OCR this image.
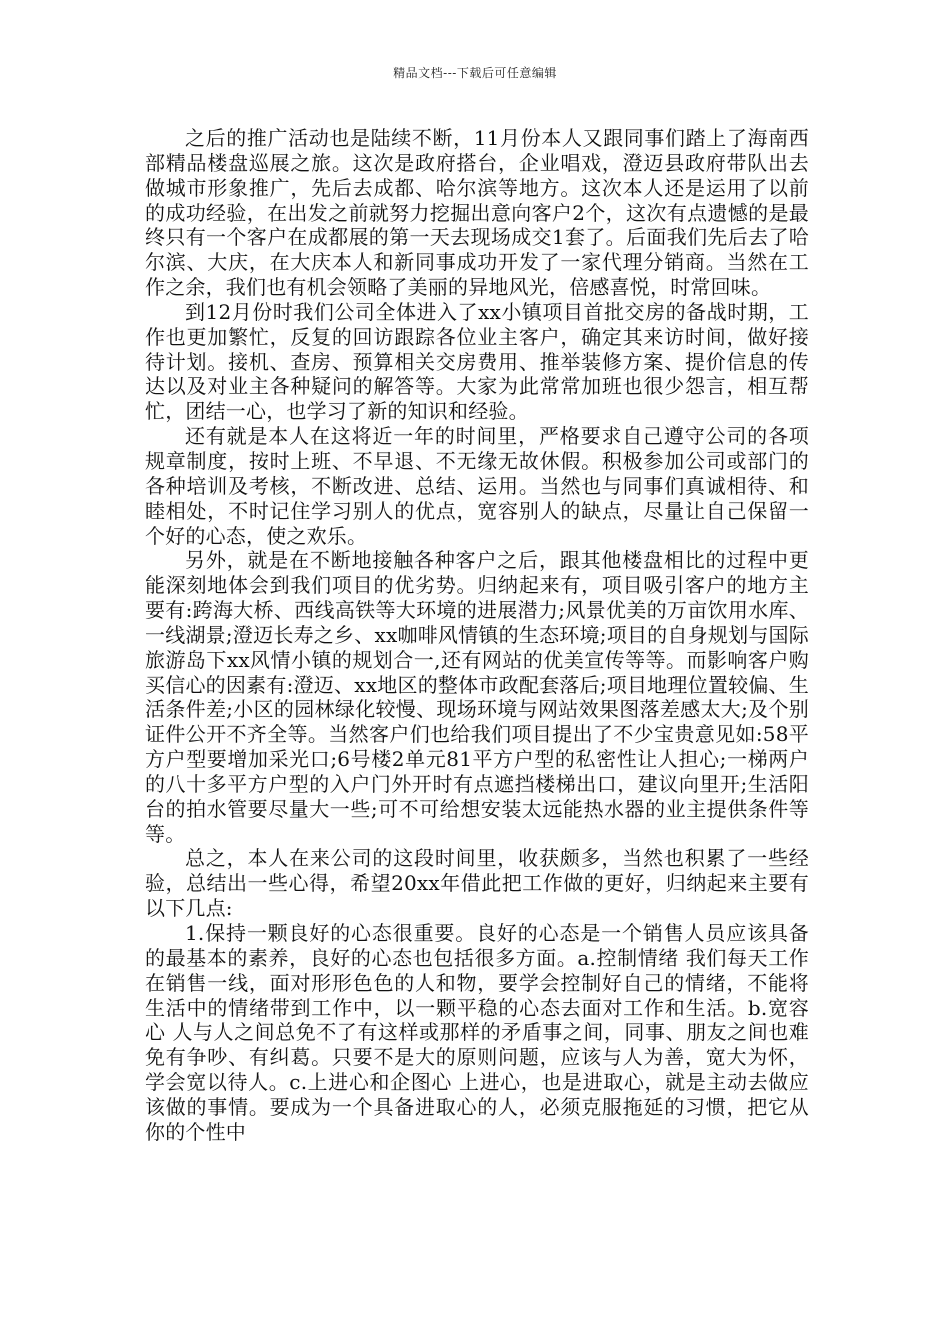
精品文档---下载后可任意编辑

之后的推广活动也是陆续不断，11月份本人又跟同事们踏上了海南西部精品楼盘巡展之旅。这次是政府搭台，企业唱戏，澄迈县政府带队出去做城市形象推广，先后去成都、哈尔滨等地方。这次本人还是运用了以前的成功经验，在出发之前就努力挖掘出意向客户2个，这次有点遗憾的是最终只有一个客户在成都展的第一天去现场成交1套了。后面我们先后去了哈尔滨、大庆，在大庆本人和新同事成功开发了一家代理分销商。当然在工作之余，我们也有机会领略了美丽的异地风光，倍感喜悦，时常回味。

到12月份时我们公司全体进入了xx小镇项目首批交房的备战时期，工作也更加繁忙，反复的回访跟踪各位业主客户，确定其来访时间，做好接待计划。接机、查房、预算相关交房费用、推举装修方案、提价信息的传达以及对业主各种疑问的解答等。大家为此常常加班也很少怨言，相互帮忙，团结一心，也学习了新的知识和经验。

还有就是本人在这将近一年的时间里，严格要求自己遵守公司的各项规章制度，按时上班、不早退、不无缘无故休假。积极参加公司或部门的各种培训及考核，不断改进、总结、运用。当然也与同事们真诚相待、和睦相处，不时记住学习别人的优点，宽容别人的缺点，尽量让自己保留一个好的心态，使之欢乐。

另外，就是在不断地接触各种客户之后，跟其他楼盘相比的过程中更能深刻地体会到我们项目的优劣势。归纳起来有，项目吸引客户的地方主要有:跨海大桥、西线高铁等大环境的进展潜力;风景优美的万亩饮用水库、一线湖景;澄迈长寿之乡、xx咖啡风情镇的生态环境;项目的自身规划与国际旅游岛下xx风情小镇的规划合一,还有网站的优美宣传等等。而影响客户购买信心的因素有:澄迈、xx地区的整体市政配套落后;项目地理位置较偏、生活条件差;小区的园林绿化较慢、现场环境与网站效果图落差感太大;及个别证件公开不齐全等。当然客户们也给我们项目提出了不少宝贵意见如:58平方户型要增加采光口;6号楼2单元81平方户型的私密性让人担心;一梯两户的八十多平方户型的入户门外开时有点遮挡楼梯出口，建议向里开;生活阳台的拍水管要尽量大一些;可不可给想安装太远能热水器的业主提供条件等等。

总之，本人在来公司的这段时间里，收获颇多，当然也积累了一些经验，总结出一些心得，希望20xx年借此把工作做的更好，归纳起来主要有以下几点:

1.保持一颗良好的心态很重要。良好的心态是一个销售人员应该具备的最基本的素养，良好的心态也包括很多方面。a.控制情绪 我们每天工作在销售一线，面对形形色色的人和物，要学会控制好自己的情绪，不能将生活中的情绪带到工作中，以一颗平稳的心态去面对工作和生活。b.宽容心 人与人之间总免不了有这样或那样的矛盾事之间，同事、朋友之间也难免有争吵、有纠葛。只要不是大的原则问题，应该与人为善，宽大为怀，学会宽以待人。c.上进心和企图心 上进心，也是进取心，就是主动去做应该做的事情。要成为一个具备进取心的人，必须克服拖延的习惯，把它从你的个性中
